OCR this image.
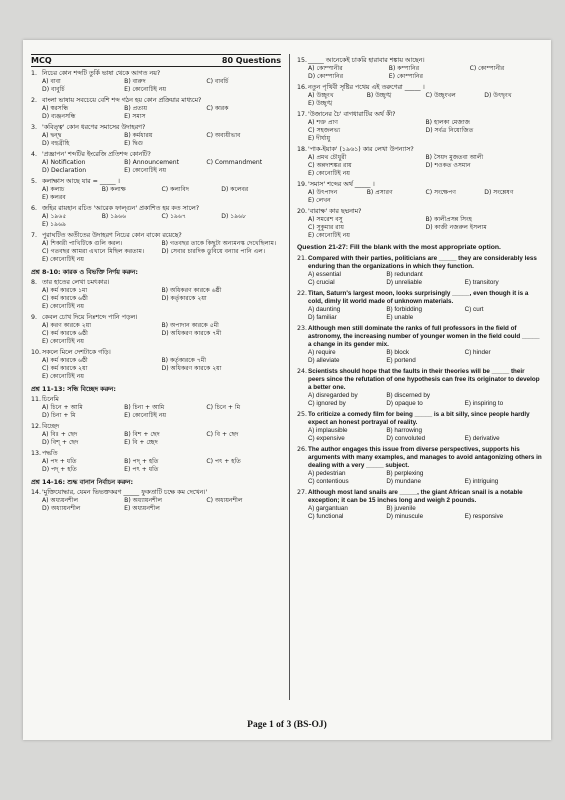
MCQ	80 Questions
1. নিচের কোন শব্দটি তুর্কি ভাষা থেকে আগত নয়?
A) বাবা	B) বারুদ	C) বাবর্চি
D) বাবুর্চি	E) কোনোটিই নয়
2. বাংলা ভাষায় সবচেয়ে বেশি শব্দ গঠন হয় কোন প্রক্রিয়ার মাধ্যমে?
A) স্বরসন্ধি	B) প্রত্যয়	C) কারক
D) ব্যঞ্জনসন্ধি	E) সমাস
3. 'কবিত্ত্ব' কোন ধরণের সমাসের উদাহরণ?
A) দ্বন্দ্ব	B) কর্মধারয়	C) অব্যয়ীভাব
D) বহুব্রীহি	E) দ্বিগু
4. 'প্রজ্ঞাপন' শব্দটির ইংরেজি প্রতিশব্দ কোনটি?
A) Notification	B) Announcement	C) Commandment
D) Declaration	E) কোনোটিই নয়
5. কলাক্ষাস আছে যার = _____ ।
A) কলাচ	B) কলাক্ষ	C) কলাবিদ	D) কলেবর
E) কলরব
6. জহির রায়হান রচিত 'আরেক ফাল্গুন' প্রকাশিত হয় কত সালে?
A) ১৯৬৫	B) ১৯৬৬	C) ১৯৬৭	D) ১৯৬৮
E) ১৯৬৯
7. পুরাঘটিত অতীতের উদাহরণ নিচের কোন বাক্যে রয়েছে?
A) শিকারী পাখিটিকে গুলি করল।	B) গতবছর তাকে কিছুটা অন্যমনস্ক দেখেছিলাম।
C) গতবছর আমরা এখানে মিছিল করতাম।	D) সেবার চারদিক ডুবিয়ে বন্যার পানি এল।
E) কোনোটিই নয়
প্রশ্ন 8-10: কারক ও বিভক্তি নির্ণয় করুন:
8. তার হাতের লেখা চমৎকার।
A) কর্ম কারকে ১মা	B) অধিকরণ কারকে ৬ষ্ঠী
C) কর্ম কারকে ৬ষ্ঠী	D) কর্তৃকারকে ২য়া
E) কোনোটিই নয়
9. কেবল চোখ দিয়ে নিঃশব্দে পানি পড়ল।
A) করণ কারকে ২য়া	B) অপাদান কারকে ৫মী
C) কর্ম কারকে ৬ষ্ঠী	D) অধিকরণ কারকে ৭মী
E) কোনোটিই নয়
10. সকলে মিলে দেশটাকে গড়ি।
A) কর্ম কারকে ৬ষ্ঠী	B) কর্তৃকারকে ৭মী
C) কর্ম কারকে ২য়া	D) অধিকরণ কারকে ২য়া
E) কোনোটিই নয়
প্রশ্ন 11-13: সন্ধি বিচ্ছেদ করুন:
11. চিনেমি
A) চিনে + আমি	B) চিনা + আমি	C) চিনে + মি
D) চিনা + মি	E) কোনোটিই নয়
12. বিচ্ছেদ
A) বিঃ + ছেদ	B) বিশ + ছেদ	C) বি + ছেদ
D) বিশ্ + ছেদ	E) বি + চ্ছেদ
13. পদ্ধতি
A) পদ + ধতি	B) পদ্ + হতি	C) পৎ + হতি
D) পদ্ + হতি	E) পৎ + ধতি
প্রশ্ন 14-16: শুদ্ধ বানান নির্বাচন করুন:
14. 'মুক্তিযোদ্ধার, যেমন ভিভক্তকরণ _____ ফুকতাটি চক্ষে কম দেখেন।'
A) অধ্যয়নশীল	B) অধ্যায়নশীল	C) অধ্যয়নশীল
D) অধ্যায়নশীল	E) অধ্যয়নশীল
15. _____ আনেকেই চাকরি হারাবার শঙ্কায় আছেন।
A) কোম্পানীর	B) কম্পানির	C) কোম্পানীর
D) কোম্পানির	E) কোম্পানির
16. নতুন পৃথিবী সৃষ্টির পথেয় এই তরুণেরা _____ ।
A) উচ্ছৃংখ	B) উচ্ছৃঙ্খ	C) উচ্ছৃংখল	D) উৎছৃংখ
E) উচ্ছৃঙ্খ
17. 'উজানের চৈ' বাগধারাটির অর্থ কী?
A) শক্ত প্রাণ	B) হালকা মেজাজ
C) সহজলভ্য	D) সর্বত্র নিয়োজিত
E) দীর্ঘায়ু
18. 'পাক-ইয়াক' (১৯৬১) কার লেখা উপন্যাস?
A) প্রমথ চৌধুরী	B) সৈয়দ মুজতবা আলী
C) অন্নদাশঙ্কর রায়	D) শওকত ওসমান
E) কোনোটিই নয়
19. 'সমাস' শব্দের অর্থ _____ ।
A) উৎপাদন	B) প্রসারণ	C) সংক্ষেপণ	D) সংশ্লেষণ
E) লেখন
20. 'বারাক্ষ' কার ছদ্মনাম?
A) সমরেশ বসু	B) কালীপ্রসন্ন সিংহ
C) সুকুমার রায়	D) কাজী নজরুল ইসলাম
E) কোনোটিই নয়
Question 21-27: Fill the blank with the most appropriate option.
21. Compared with their parties, politicians are _____ they are considerably less enduring than the organizations in which they function.
A) essential	B) redundant
C) crucial	D) unreliable	E) transitory
22. Titan, Saturn's largest moon, looks surprisingly _____, even though it is a cold, dimly lit world made of unknown materials.
A) daunting	B) forbidding	C) curt
D) familiar	E) unable
23. Although men still dominate the ranks of full professors in the field of astronomy, the increasing number of younger women in the field could _____ a change in its gender mix.
A) require	B) block	C) hinder
D) alleviate	E) portend
24. Scientists should hope that the faults in their theories will be _____ their peers since the refutation of one hypothesis can free its originator to develop a better one.
A) disregarded by	B) discerned by
C) ignored by	D) opaque to	E) inspiring to
25. To criticize a comedy film for being _____ is a bit silly, since people hardly expect an honest portrayal of reality.
A) implausible	B) harrowing
C) expensive	D) convoluted	E) derivative
26. The author engages this issue from diverse perspectives, supports his arguments with many examples, and manages to avoid antagonizing others in dealing with a very _____ subject.
A) pedestrian	B) perplexing
C) contentious	D) mundane	E) intriguing
27. Although most land snails are _____, the giant African snail is a notable exception; it can be 15 inches long and weigh 2 pounds.
A) gargantuan	B) juvenile
C) functional	D) minuscule	E) responsive
Page 1 of 3 (BS-OJ)
